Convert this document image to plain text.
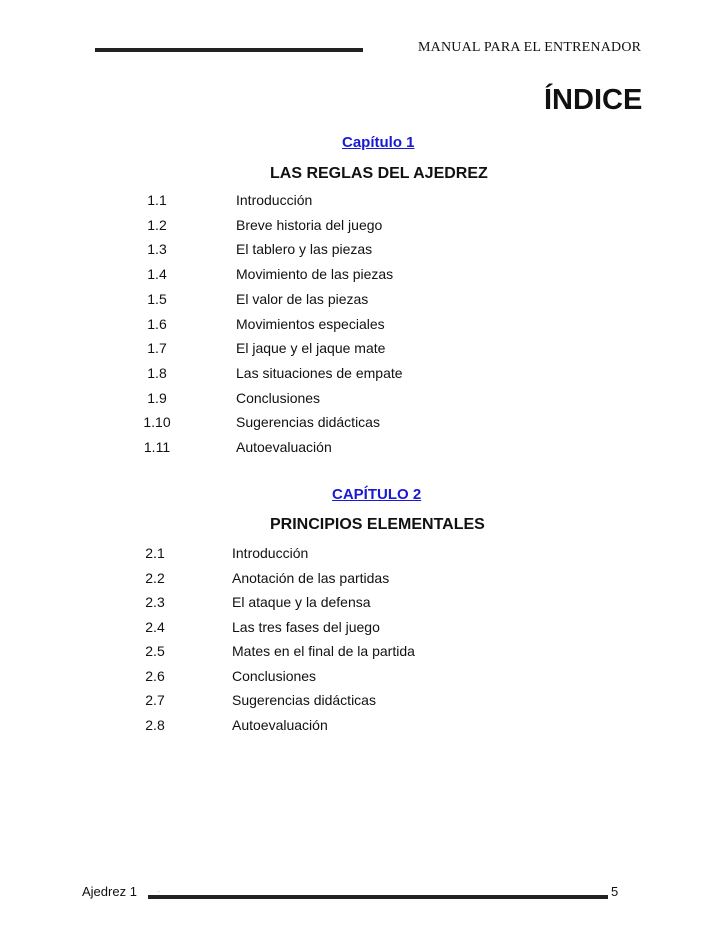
MANUAL PARA EL ENTRENADOR
ÍNDICE
Capítulo 1
LAS REGLAS DEL AJEDREZ
1.1	Introducción
1.2	Breve historia del juego
1.3	El tablero y las piezas
1.4	Movimiento de las piezas
1.5	El valor de las piezas
1.6	Movimientos especiales
1.7	El jaque y el jaque mate
1.8	Las situaciones de empate
1.9	Conclusiones
1.10	Sugerencias didácticas
1.11	Autoevaluación
CAPÍTULO 2
PRINCIPIOS ELEMENTALES
2.1	Introducción
2.2	Anotación de las partidas
2.3	El ataque y la defensa
2.4	Las tres fases del juego
2.5	Mates en el final de la partida
2.6	Conclusiones
2.7	Sugerencias didácticas
2.8	Autoevaluación
Ajedrez 1	.	5
